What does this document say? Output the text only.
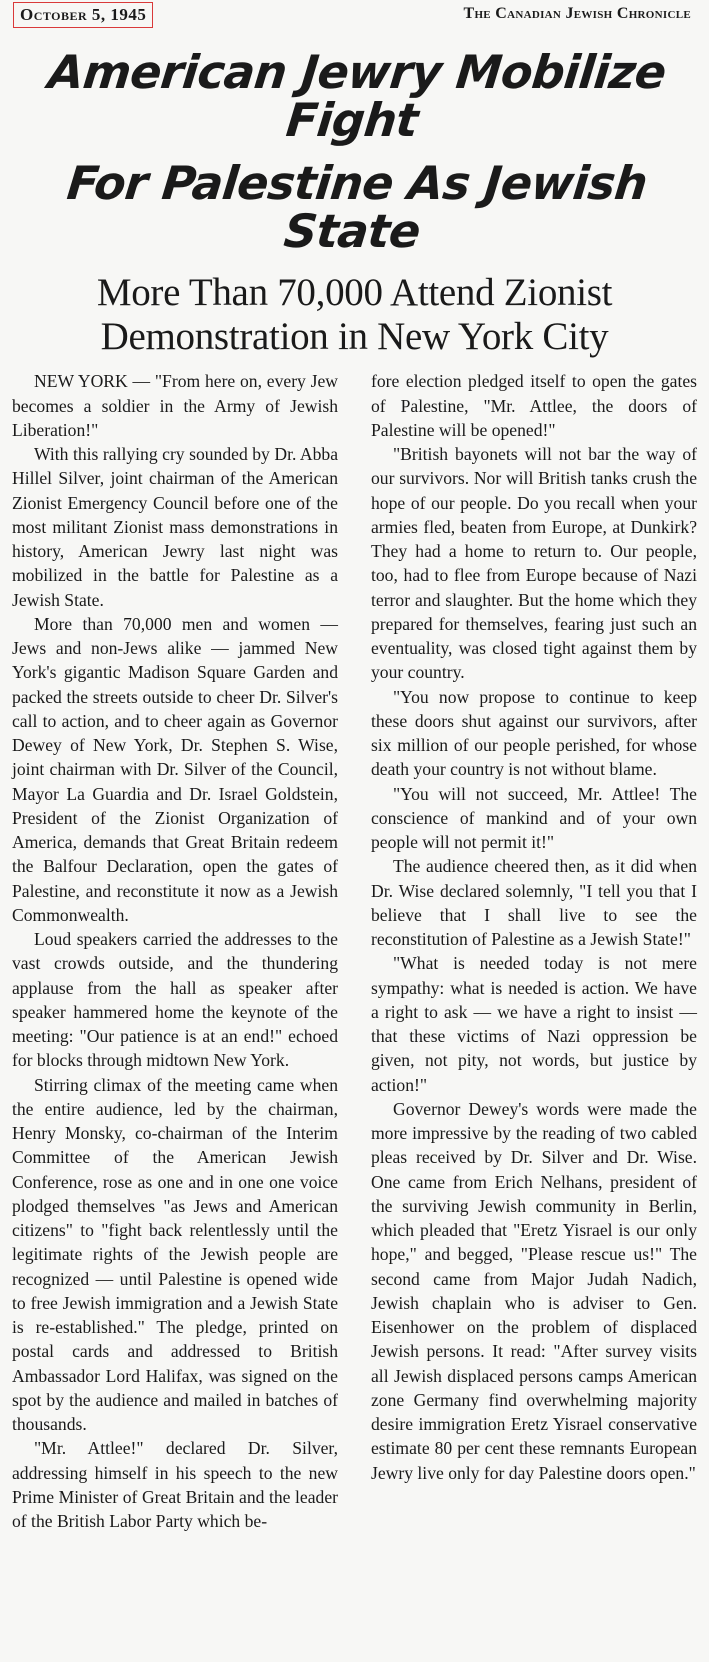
October 5, 1945	The Canadian Jewish Chronicle
American Jewry Mobilize Fight
For Palestine As Jewish State
More Than 70,000 Attend Zionist Demonstration in New York City

NEW YORK — "From here on, every Jew becomes a soldier in the Army of Jewish Liberation!"

With this rallying cry sounded by Dr. Abba Hillel Silver, joint chairman of the American Zionist Emergency Council before one of the most militant Zionist mass demonstrations in history, American Jewry last night was mobilized in the battle for Palestine as a Jewish State.

More than 70,000 men and women — Jews and non-Jews alike — jammed New York's gigantic Madison Square Garden and packed the streets outside to cheer Dr. Silver's call to action, and to cheer again as Governor Dewey of New York, Dr. Stephen S. Wise, joint chairman with Dr. Silver of the Council, Mayor La Guardia and Dr. Israel Goldstein, President of the Zionist Organization of America, demands that Great Britain redeem the Balfour Declaration, open the gates of Palestine, and reconstitute it now as a Jewish Commonwealth.

Loud speakers carried the addresses to the vast crowds outside, and the thundering applause from the hall as speaker after speaker hammered home the keynote of the meeting: "Our patience is at an end!" echoed for blocks through midtown New York.

Stirring climax of the meeting came when the entire audience, led by the chairman, Henry Monsky, co-chairman of the Interim Committee of the American Jewish Conference, rose as one and in one one voice plodged themselves "as Jews and American citizens" to "fight back relentlessly until the legitimate rights of the Jewish people are recognized — until Palestine is opened wide to free Jewish immigration and a Jewish State is re-established." The pledge, printed on postal cards and addressed to British Ambassador Lord Halifax, was signed on the spot by the audience and mailed in batches of thousands.

"Mr. Attlee!" declared Dr. Silver, addressing himself in his speech to the new Prime Minister of Great Britain and the leader of the British Labor Party which be-

fore election pledged itself to open the gates of Palestine, "Mr. Attlee, the doors of Palestine will be opened!"

"British bayonets will not bar the way of our survivors. Nor will British tanks crush the hope of our people. Do you recall when your armies fled, beaten from Europe, at Dunkirk? They had a home to return to. Our people, too, had to flee from Europe because of Nazi terror and slaughter. But the home which they prepared for themselves, fearing just such an eventuality, was closed tight against them by your country.

"You now propose to continue to keep these doors shut against our survivors, after six million of our people perished, for whose death your country is not without blame.

"You will not succeed, Mr. Attlee! The conscience of mankind and of your own people will not permit it!"

The audience cheered then, as it did when Dr. Wise declared solemnly, "I tell you that I believe that I shall live to see the reconstitution of Palestine as a Jewish State!"

"What is needed today is not mere sympathy: what is needed is action. We have a right to ask — we have a right to insist — that these victims of Nazi oppression be given, not pity, not words, but justice by action!"

Governor Dewey's words were made the more impressive by the reading of two cabled pleas received by Dr. Silver and Dr. Wise. One came from Erich Nelhans, president of the surviving Jewish community in Berlin, which pleaded that "Eretz Yisrael is our only hope," and begged, "Please rescue us!" The second came from Major Judah Nadich, Jewish chaplain who is adviser to Gen. Eisenhower on the problem of displaced Jewish persons. It read: "After survey visits all Jewish displaced persons camps American zone Germany find overwhelming majority desire immigration Eretz Yisrael conservative estimate 80 per cent these remnants European Jewry live only for day Palestine doors open."
